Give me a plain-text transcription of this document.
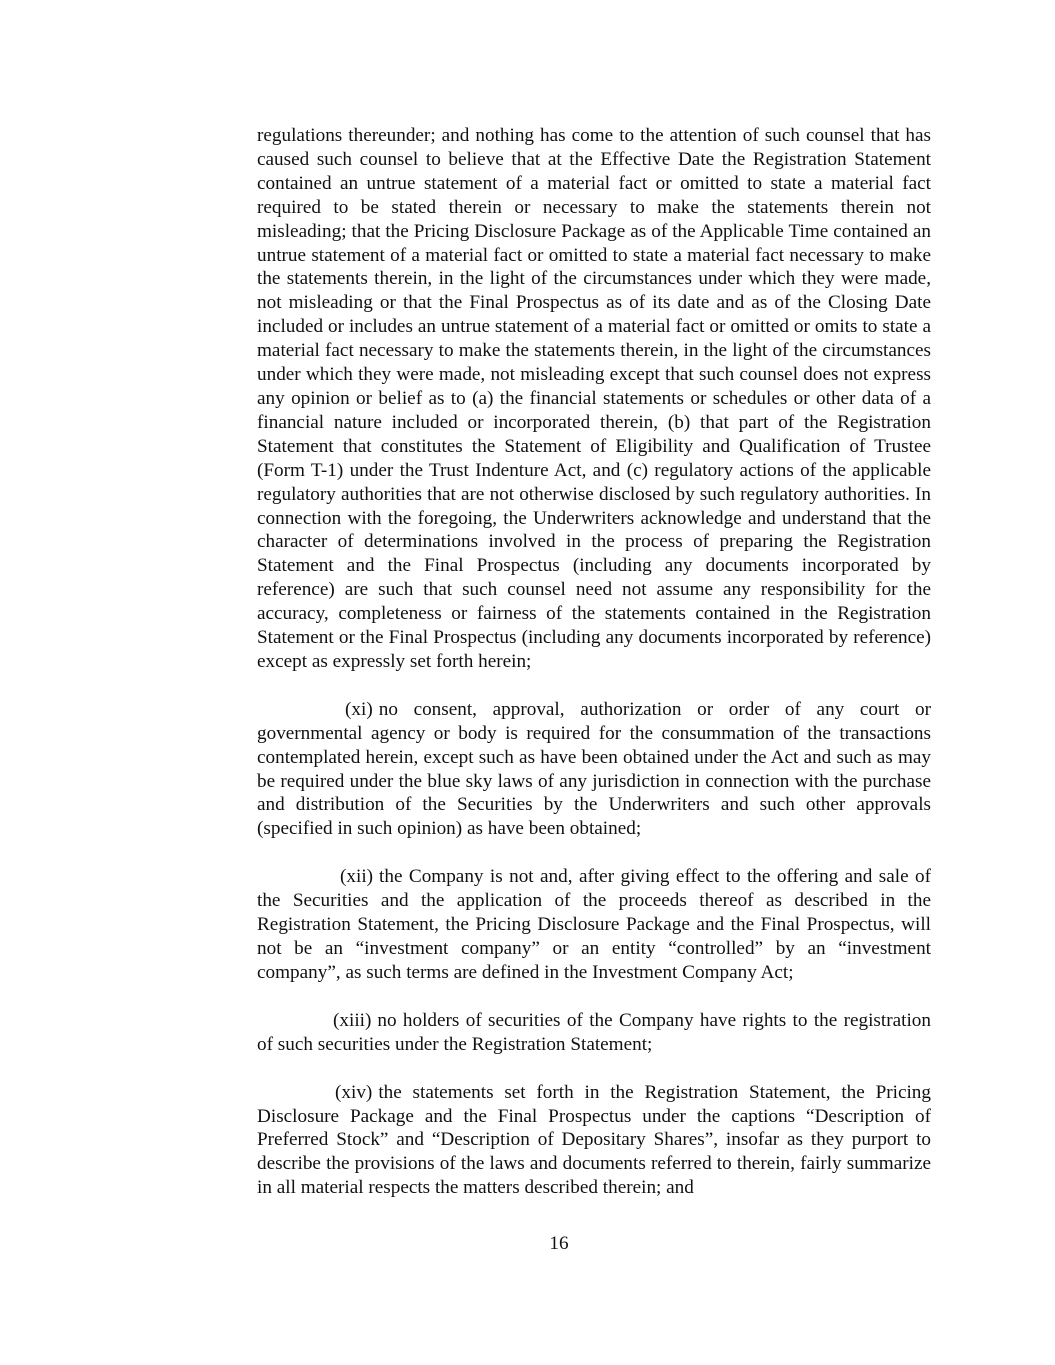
regulations thereunder; and nothing has come to the attention of such counsel that has caused such counsel to believe that at the Effective Date the Registration Statement contained an untrue statement of a material fact or omitted to state a material fact required to be stated therein or necessary to make the statements therein not misleading; that the Pricing Disclosure Package as of the Applicable Time contained an untrue statement of a material fact or omitted to state a material fact necessary to make the statements therein, in the light of the circumstances under which they were made, not misleading or that the Final Prospectus as of its date and as of the Closing Date included or includes an untrue statement of a material fact or omitted or omits to state a material fact necessary to make the statements therein, in the light of the circumstances under which they were made, not misleading except that such counsel does not express any opinion or belief as to (a) the financial statements or schedules or other data of a financial nature included or incorporated therein, (b) that part of the Registration Statement that constitutes the Statement of Eligibility and Qualification of Trustee (Form T-1) under the Trust Indenture Act, and (c) regulatory actions of the applicable regulatory authorities that are not otherwise disclosed by such regulatory authorities. In connection with the foregoing, the Underwriters acknowledge and understand that the character of determinations involved in the process of preparing the Registration Statement and the Final Prospectus (including any documents incorporated by reference) are such that such counsel need not assume any responsibility for the accuracy, completeness or fairness of the statements contained in the Registration Statement or the Final Prospectus (including any documents incorporated by reference) except as expressly set forth herein;

(xi) no consent, approval, authorization or order of any court or governmental agency or body is required for the consummation of the transactions contemplated herein, except such as have been obtained under the Act and such as may be required under the blue sky laws of any jurisdiction in connection with the purchase and distribution of the Securities by the Underwriters and such other approvals (specified in such opinion) as have been obtained;

(xii) the Company is not and, after giving effect to the offering and sale of the Securities and the application of the proceeds thereof as described in the Registration Statement, the Pricing Disclosure Package and the Final Prospectus, will not be an “investment company” or an entity “controlled” by an “investment company”, as such terms are defined in the Investment Company Act;

(xiii) no holders of securities of the Company have rights to the registration of such securities under the Registration Statement;

(xiv) the statements set forth in the Registration Statement, the Pricing Disclosure Package and the Final Prospectus under the captions “Description of Preferred Stock” and “Description of Depositary Shares”, insofar as they purport to describe the provisions of the laws and documents referred to therein, fairly summarize in all material respects the matters described therein; and

16
